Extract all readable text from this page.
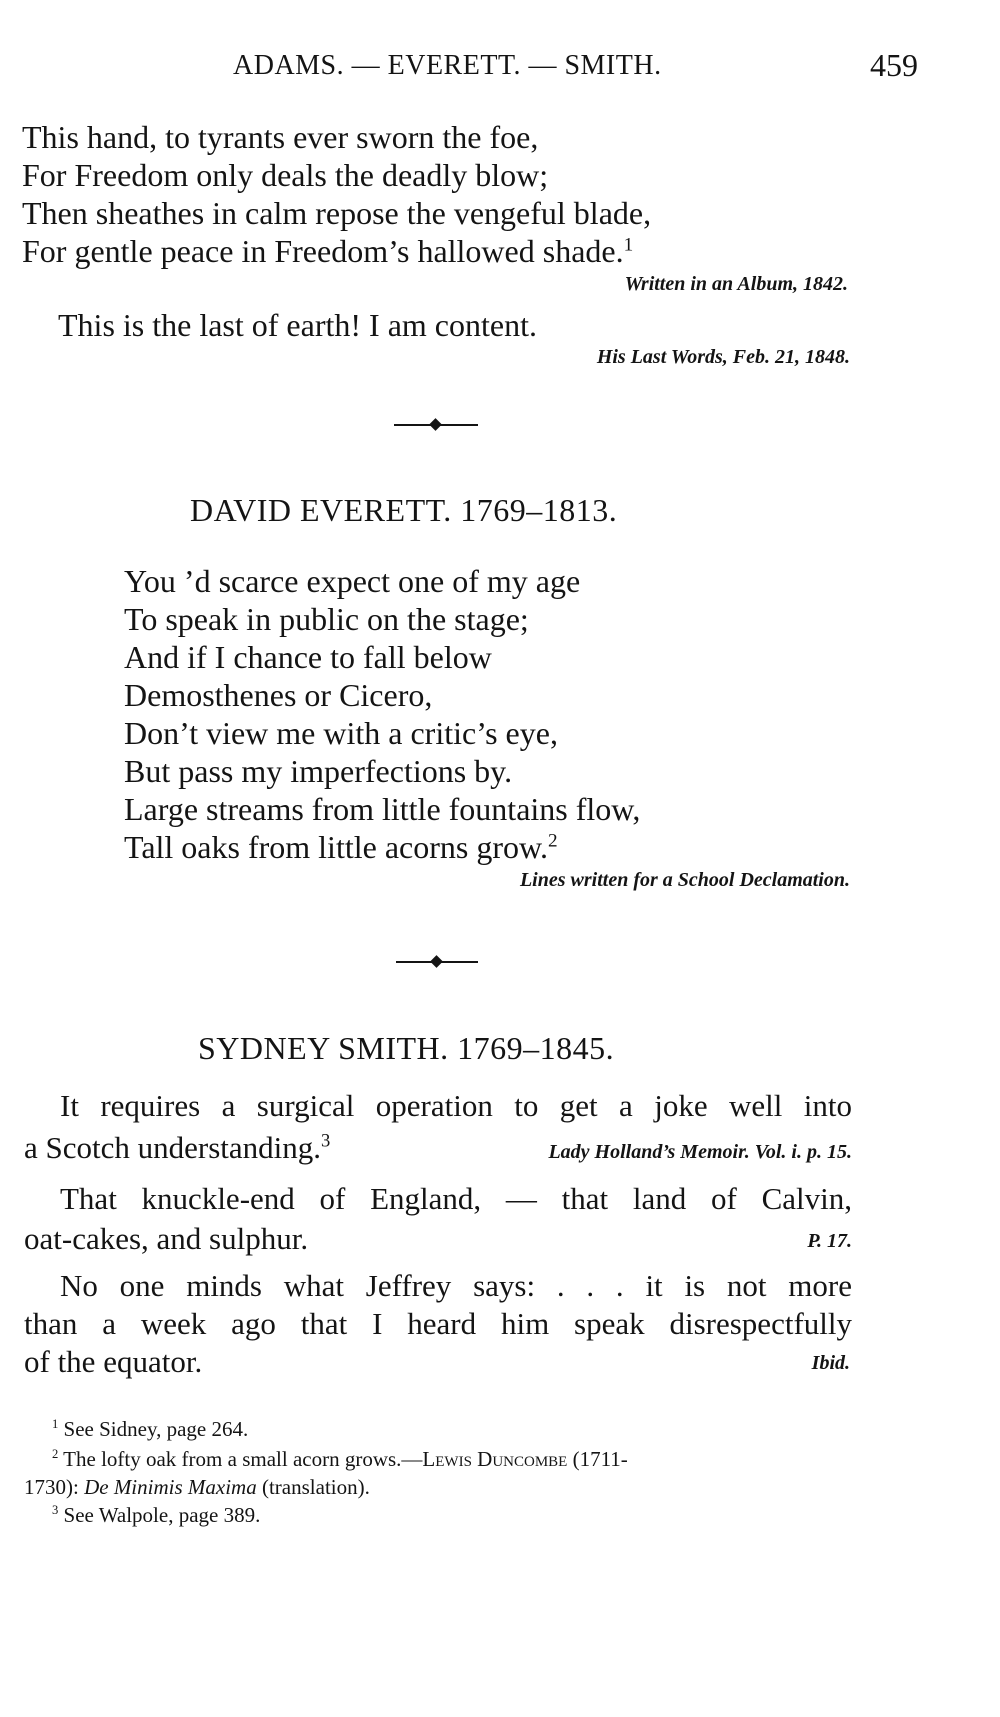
ADAMS. — EVERETT. — SMITH.	459
This hand, to tyrants ever sworn the foe,
For Freedom only deals the deadly blow;
Then sheathes in calm repose the vengeful blade,
For gentle peace in Freedom’s hallowed shade.$^1$
Written in an Album, 1842.
This is the last of earth! I am content.
His Last Words, Feb. 21, 1848.
DAVID EVERETT. 1769–1813.
You ’d scarce expect one of my age
To speak in public on the stage;
And if I chance to fall below
Demosthenes or Cicero,
Don’t view me with a critic’s eye,
But pass my imperfections by.
Large streams from little fountains flow,
Tall oaks from little acorns grow.$^2$
Lines written for a School Declamation.
SYDNEY SMITH. 1769–1845.
It requires a surgical operation to get a joke well into
a Scotch understanding.$^3$	Lady Holland’s Memoir. Vol. i. p. 15.
That knuckle-end of England, — that land of Calvin,
oat-cakes, and sulphur.	P. 17.
No one minds what Jeffrey says: . . . it is not more
than a week ago that I heard him speak disrespectfully
of the equator.	Ibid.
$^1$ See Sidney, page 264.
$^2$ The lofty oak from a small acorn grows.—Lewis Duncombe (1711-
1730): De Minimis Maxima (translation).
$^3$ See Walpole, page 389.
